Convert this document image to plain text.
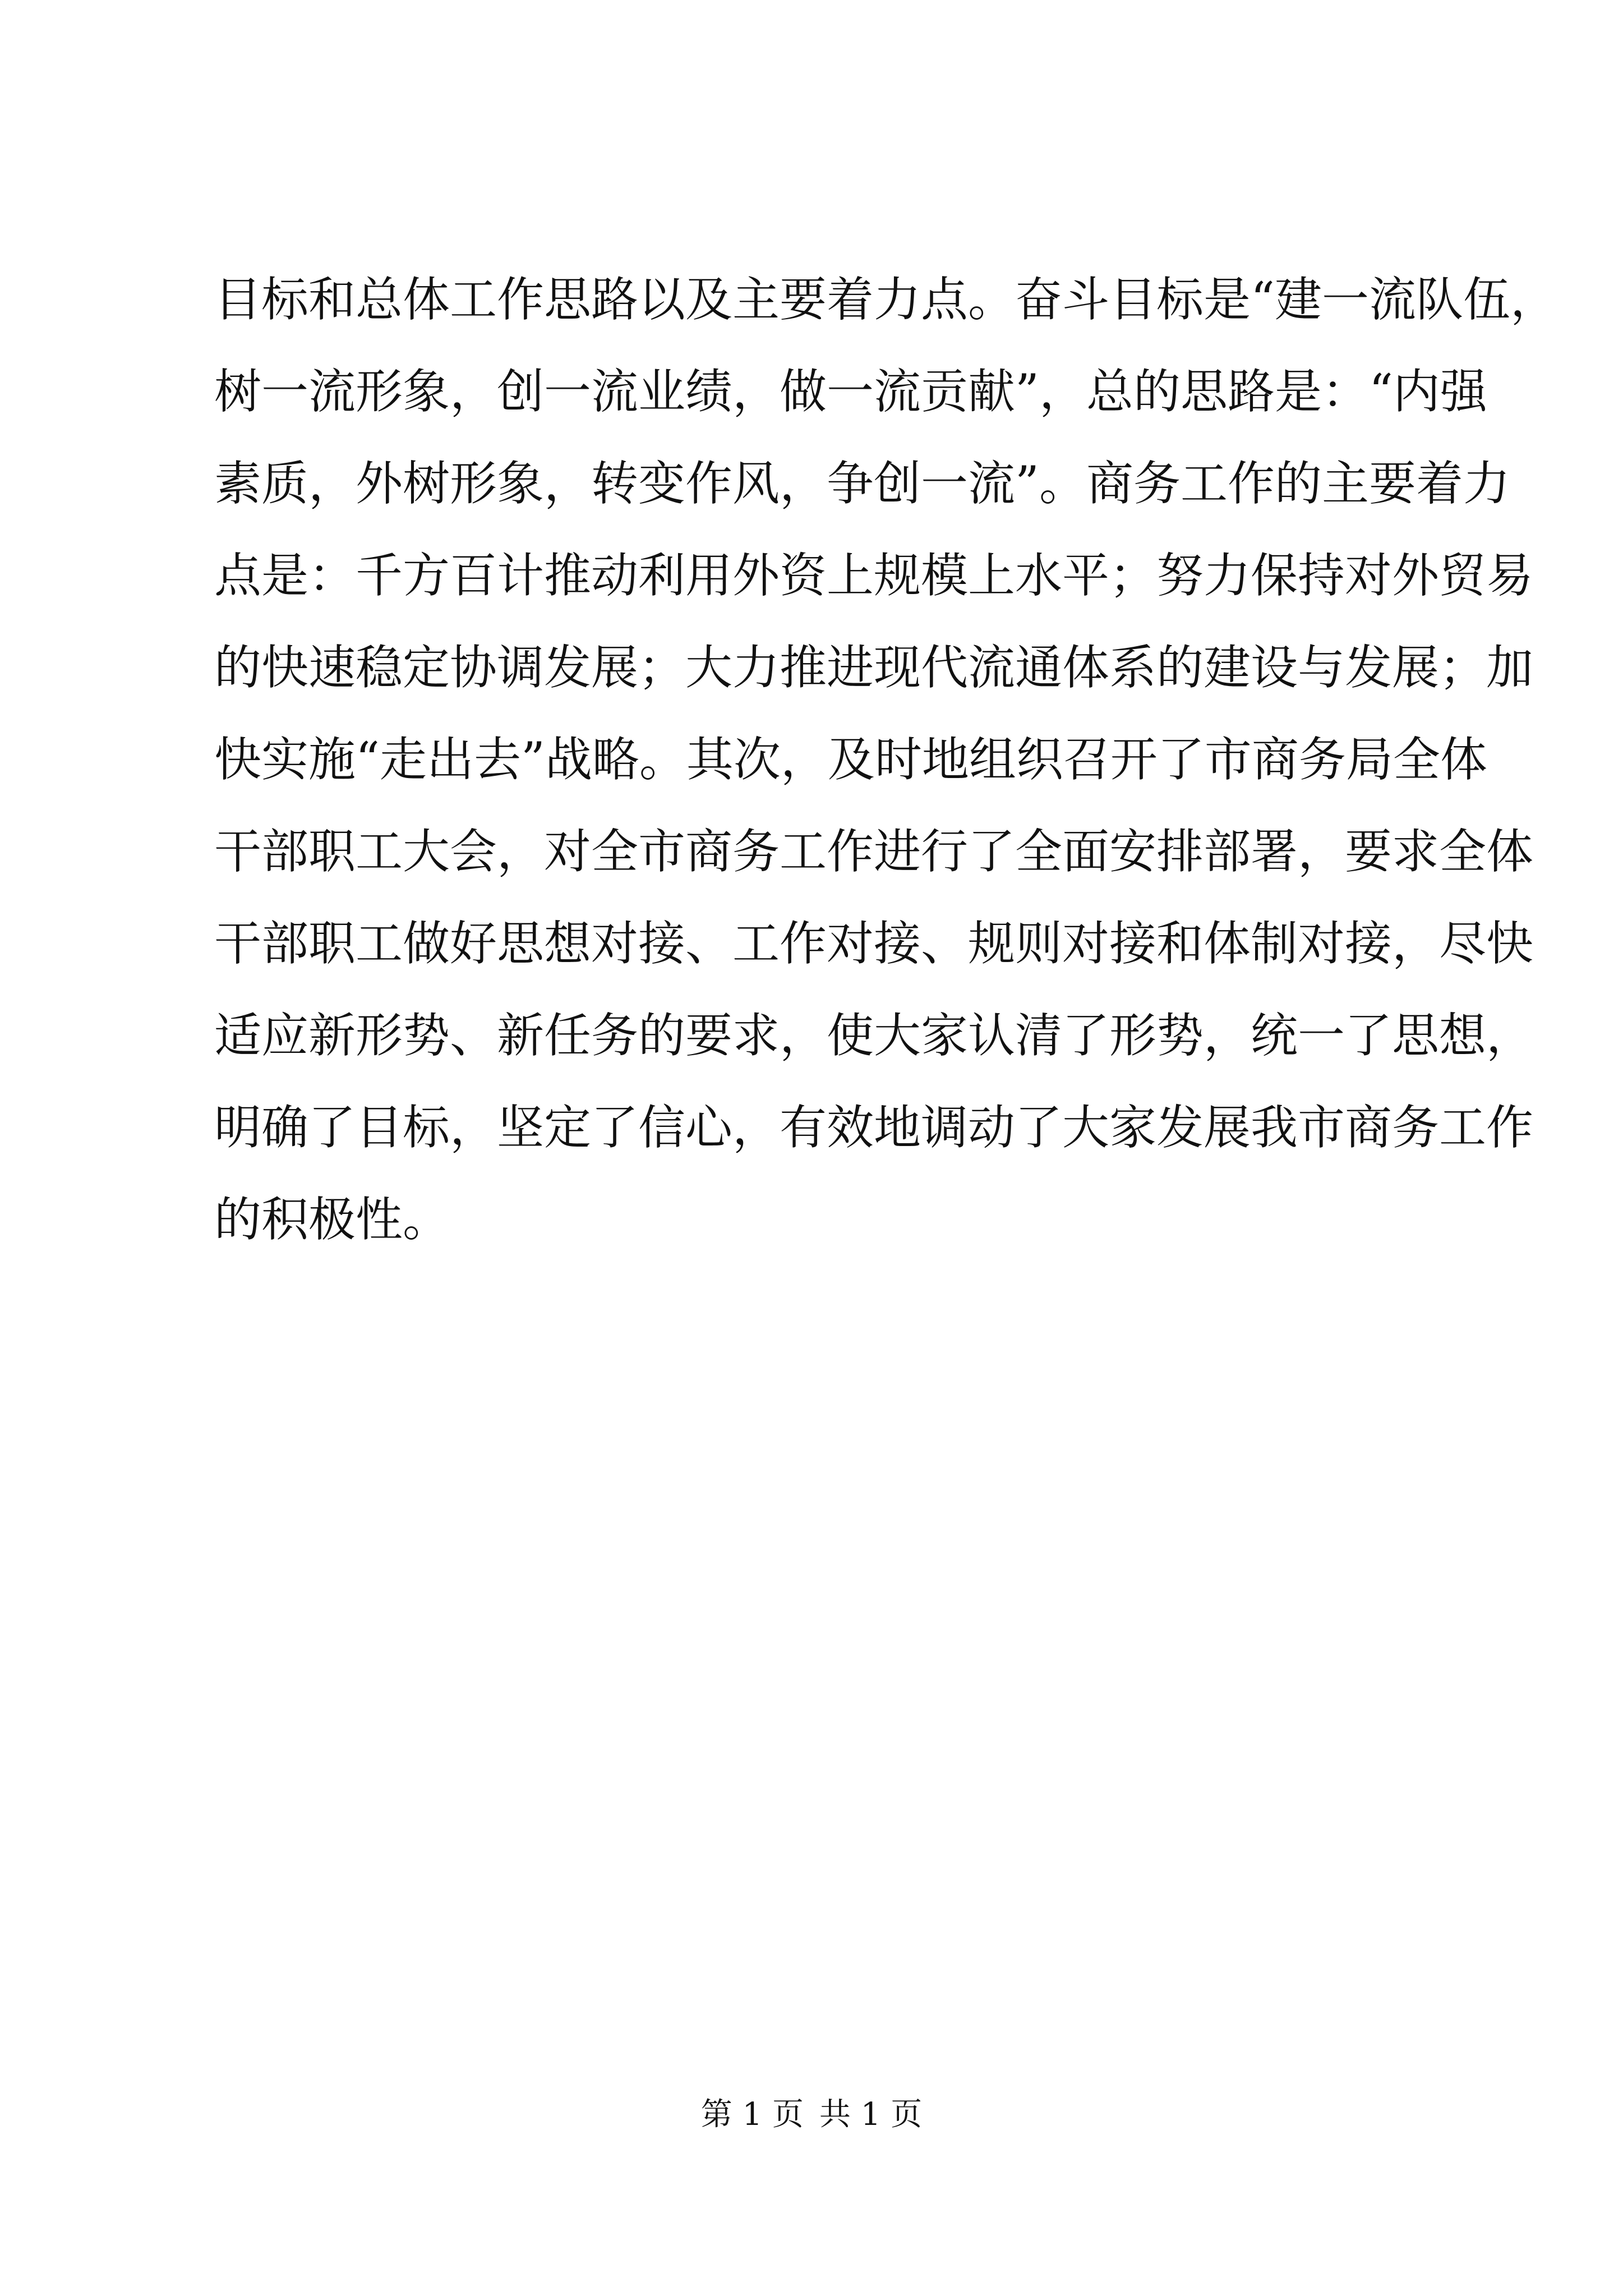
目标和总体工作思路以及主要着力点。奋斗目标是“建一流队伍，
树一流形象，创一流业绩，做一流贡献”，总的思路是：“内强
素质，外树形象，转变作风，争创一流”。商务工作的主要着力
点是：千方百计推动利用外资上规模上水平；努力保持对外贸易
的快速稳定协调发展；大力推进现代流通体系的建设与发展；加
快实施“走出去”战略。其次，及时地组织召开了市商务局全体
干部职工大会，对全市商务工作进行了全面安排部署，要求全体
干部职工做好思想对接、工作对接、规则对接和体制对接，尽快
适应新形势、新任务的要求，使大家认清了形势，统一了思想，
明确了目标，坚定了信心，有效地调动了大家发展我市商务工作
的积极性。
第 1 页 共 1 页
